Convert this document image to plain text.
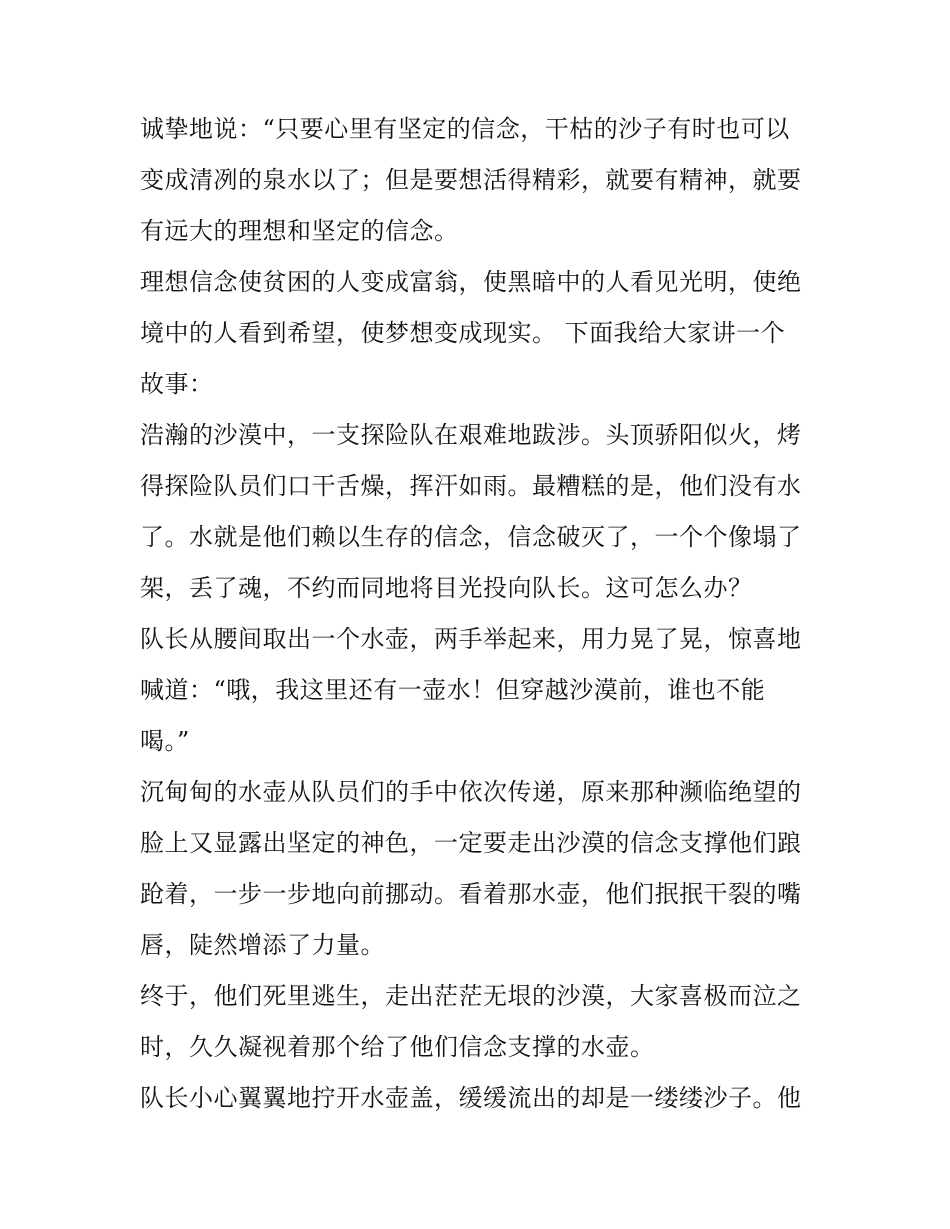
诚挚地说：“只要心里有坚定的信念，干枯的沙子有时也可以
变成清冽的泉水以了；但是要想活得精彩，就要有精神，就要
有远大的理想和坚定的信念。
理想信念使贫困的人变成富翁，使黑暗中的人看见光明，使绝
境中的人看到希望，使梦想变成现实。 下面我给大家讲一个
故事：
浩瀚的沙漠中，一支探险队在艰难地跋涉。头顶骄阳似火，烤
得探险队员们口干舌燥，挥汗如雨。最糟糕的是，他们没有水
了。水就是他们赖以生存的信念，信念破灭了，一个个像塌了
架，丢了魂，不约而同地将目光投向队长。这可怎么办？
队长从腰间取出一个水壶，两手举起来，用力晃了晃，惊喜地
喊道：“哦，我这里还有一壶水！但穿越沙漠前，谁也不能
喝。”
沉甸甸的水壶从队员们的手中依次传递，原来那种濒临绝望的
脸上又显露出坚定的神色，一定要走出沙漠的信念支撑他们踉
跄着，一步一步地向前挪动。看着那水壶，他们抿抿干裂的嘴
唇，陡然增添了力量。
终于，他们死里逃生，走出茫茫无垠的沙漠，大家喜极而泣之
时，久久凝视着那个给了他们信念支撑的水壶。
队长小心翼翼地拧开水壶盖，缓缓流出的却是一缕缕沙子。他
